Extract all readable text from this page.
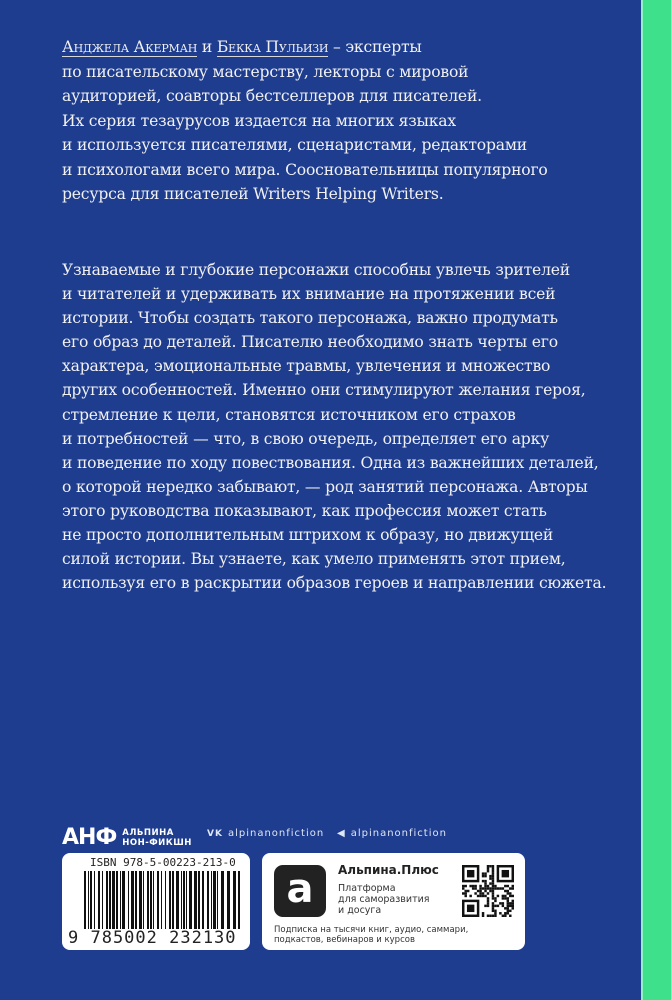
Анджела Акерман и Бекка Пульизи – эксперты
по писательскому мастерству, лекторы с мировой
аудиторией, соавторы бестселлеров для писателей.
Их серия тезаурусов издается на многих языках
и используется писателями, сценаристами, редакторами
и психологами всего мира. Соосновательницы популярного
ресурса для писателей Writers Helping Writers.
Узнаваемые и глубокие персонажи способны увлечь зрителей
и читателей и удерживать их внимание на протяжении всей
истории. Чтобы создать такого персонажа, важно продумать
его образ до деталей. Писателю необходимо знать черты его
характера, эмоциональные травмы, увлечения и множество
других особенностей. Именно они стимулируют желания героя,
стремление к цели, становятся источником его страхов
и потребностей — что, в свою очередь, определяет его арку
и поведение по ходу повествования. Одна из важнейших деталей,
о которой нередко забывают, — род занятий персонажа. Авторы
этого руководства показывают, как профессия может стать
не просто дополнительным штрихом к образу, но движущей
силой истории. Вы узнаете, как умело применять этот прием,
используя его в раскрытии образов героев и направлении сюжета.
АНФ АЛЬПИНА
НОН-ФИКШН
VK alpinanonfiction ◀ alpinanonfiction
ISBN 978-5-00223-213-0
9 785002 232130
a	Альпина.Плюс
Платформа
для саморазвития
и досуга
Подписка на тысячи книг, аудио, саммари,
подкастов, вебинаров и курсов
